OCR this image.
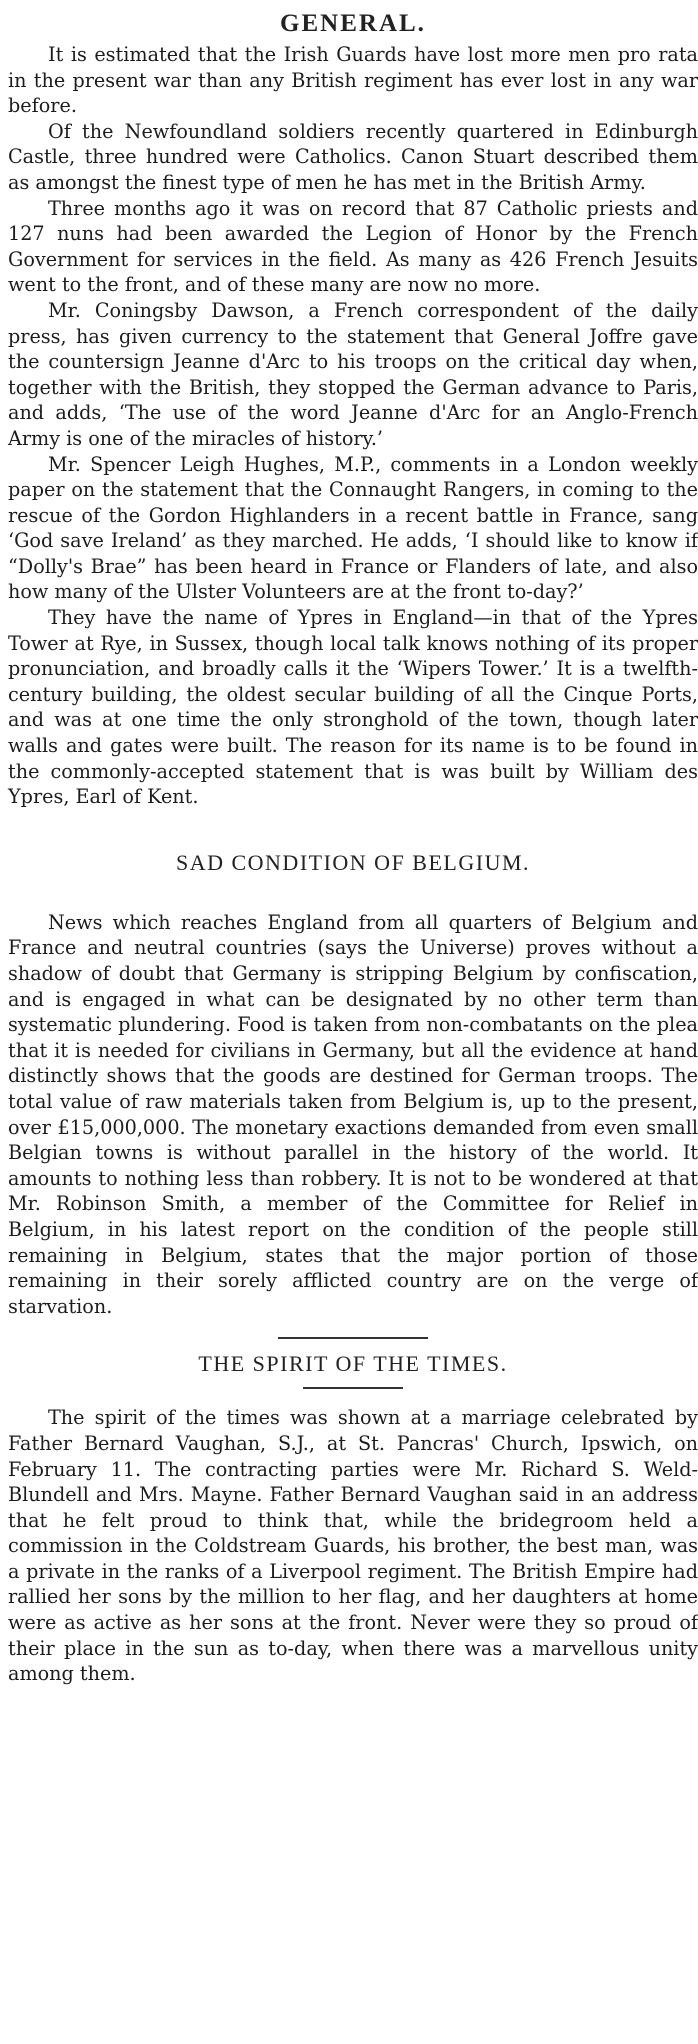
GENERAL.

It is estimated that the Irish Guards have lost more men pro rata in the present war than any British regiment has ever lost in any war before.

Of the Newfoundland soldiers recently quartered in Edinburgh Castle, three hundred were Catholics. Canon Stuart described them as amongst the finest type of men he has met in the British Army.

Three months ago it was on record that 87 Catholic priests and 127 nuns had been awarded the Legion of Honor by the French Government for services in the field. As many as 426 French Jesuits went to the front, and of these many are now no more.

Mr. Coningsby Dawson, a French correspondent of the daily press, has given currency to the statement that General Joffre gave the countersign Jeanne d'Arc to his troops on the critical day when, together with the British, they stopped the German advance to Paris, and adds, ‘The use of the word Jeanne d'Arc for an Anglo-French Army is one of the miracles of history.’

Mr. Spencer Leigh Hughes, M.P., comments in a London weekly paper on the statement that the Connaught Rangers, in coming to the rescue of the Gordon Highlanders in a recent battle in France, sang ‘God save Ireland’ as they marched. He adds, ‘I should like to know if “Dolly's Brae” has been heard in France or Flanders of late, and also how many of the Ulster Volunteers are at the front to-day?’

They have the name of Ypres in England—in that of the Ypres Tower at Rye, in Sussex, though local talk knows nothing of its proper pronunciation, and broadly calls it the ‘Wipers Tower.’ It is a twelfth-century building, the oldest secular building of all the Cinque Ports, and was at one time the only stronghold of the town, though later walls and gates were built. The reason for its name is to be found in the commonly-accepted statement that is was built by William des Ypres, Earl of Kent.

SAD CONDITION OF BELGIUM.

News which reaches England from all quarters of Belgium and France and neutral countries (says the Universe) proves without a shadow of doubt that Germany is stripping Belgium by confiscation, and is engaged in what can be designated by no other term than systematic plundering. Food is taken from non-combatants on the plea that it is needed for civilians in Germany, but all the evidence at hand distinctly shows that the goods are destined for German troops. The total value of raw materials taken from Belgium is, up to the present, over £15,000,000. The monetary exactions demanded from even small Belgian towns is without parallel in the history of the world. It amounts to nothing less than robbery. It is not to be wondered at that Mr. Robinson Smith, a member of the Committee for Relief in Belgium, in his latest report on the condition of the people still remaining in Belgium, states that the major portion of those remaining in their sorely afflicted country are on the verge of starvation.

THE SPIRIT OF THE TIMES.

The spirit of the times was shown at a marriage celebrated by Father Bernard Vaughan, S.J., at St. Pancras' Church, Ipswich, on February 11. The contracting parties were Mr. Richard S. Weld-Blundell and Mrs. Mayne. Father Bernard Vaughan said in an address that he felt proud to think that, while the bridegroom held a commission in the Coldstream Guards, his brother, the best man, was a private in the ranks of a Liverpool regiment. The British Empire had rallied her sons by the million to her flag, and her daughters at home were as active as her sons at the front. Never were they so proud of their place in the sun as to-day, when there was a marvellous unity among them.
